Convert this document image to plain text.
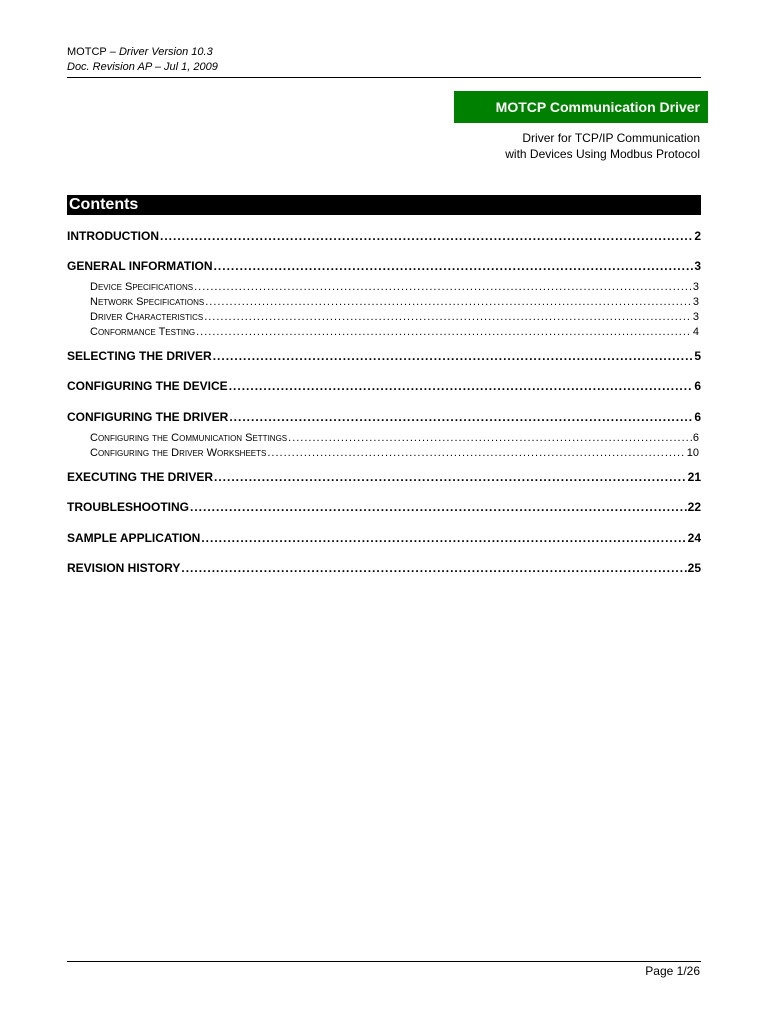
MOTCP – Driver Version 10.3
Doc. Revision AP – Jul 1, 2009
MOTCP Communication Driver
Driver for TCP/IP Communication
with Devices Using Modbus Protocol
Contents
INTRODUCTION .....	2
GENERAL INFORMATION .....	3
Device Specifications .....	3
Network Specifications .....	3
Driver Characteristics .....	3
Conformance Testing .....	4
SELECTING THE DRIVER .....	5
CONFIGURING THE DEVICE .....	6
CONFIGURING THE DRIVER .....	6
Configuring the Communication Settings .....	6
Configuring the Driver Worksheets .....	10
EXECUTING THE DRIVER .....	21
TROUBLESHOOTING .....	22
SAMPLE APPLICATION .....	24
REVISION HISTORY .....	25
Page 1/26
